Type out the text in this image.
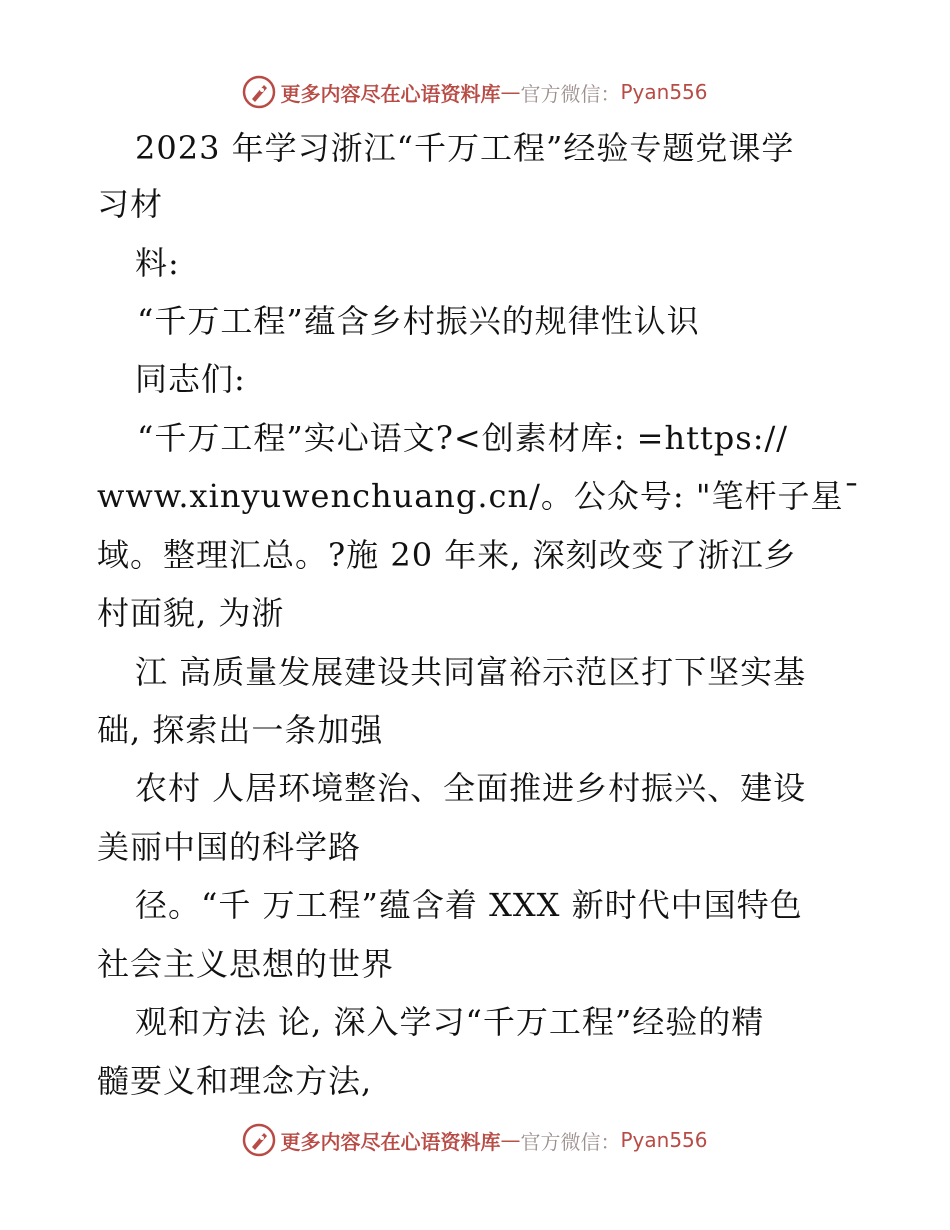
更多内容尽在心语资料库 — 官方微信： Pyan556
2023 年学习浙江“千万工程”经验专题党课学
习材
料:
“千万工程”蕴含乡村振兴的规律性认识
同志们:
“千万工程”实心语文?<创素材库: =https://
www.xinyuwenchuang.cn/。公众号: "笔杆子星¯
域。整理汇总。?施 20 年来, 深刻改变了浙江乡
村面貌, 为浙
江 高质量发展建设共同富裕示范区打下坚实基
础, 探索出一条加强
农村 人居环境整治、全面推进乡村振兴、建设
美丽中国的科学路
径。“千 万工程”蕴含着 XXX 新时代中国特色
社会主义思想的世界
观和方法 论, 深入学习“千万工程”经验的精
髓要义和理念方法,
更多内容尽在心语资料库 — 官方微信： Pyan556
